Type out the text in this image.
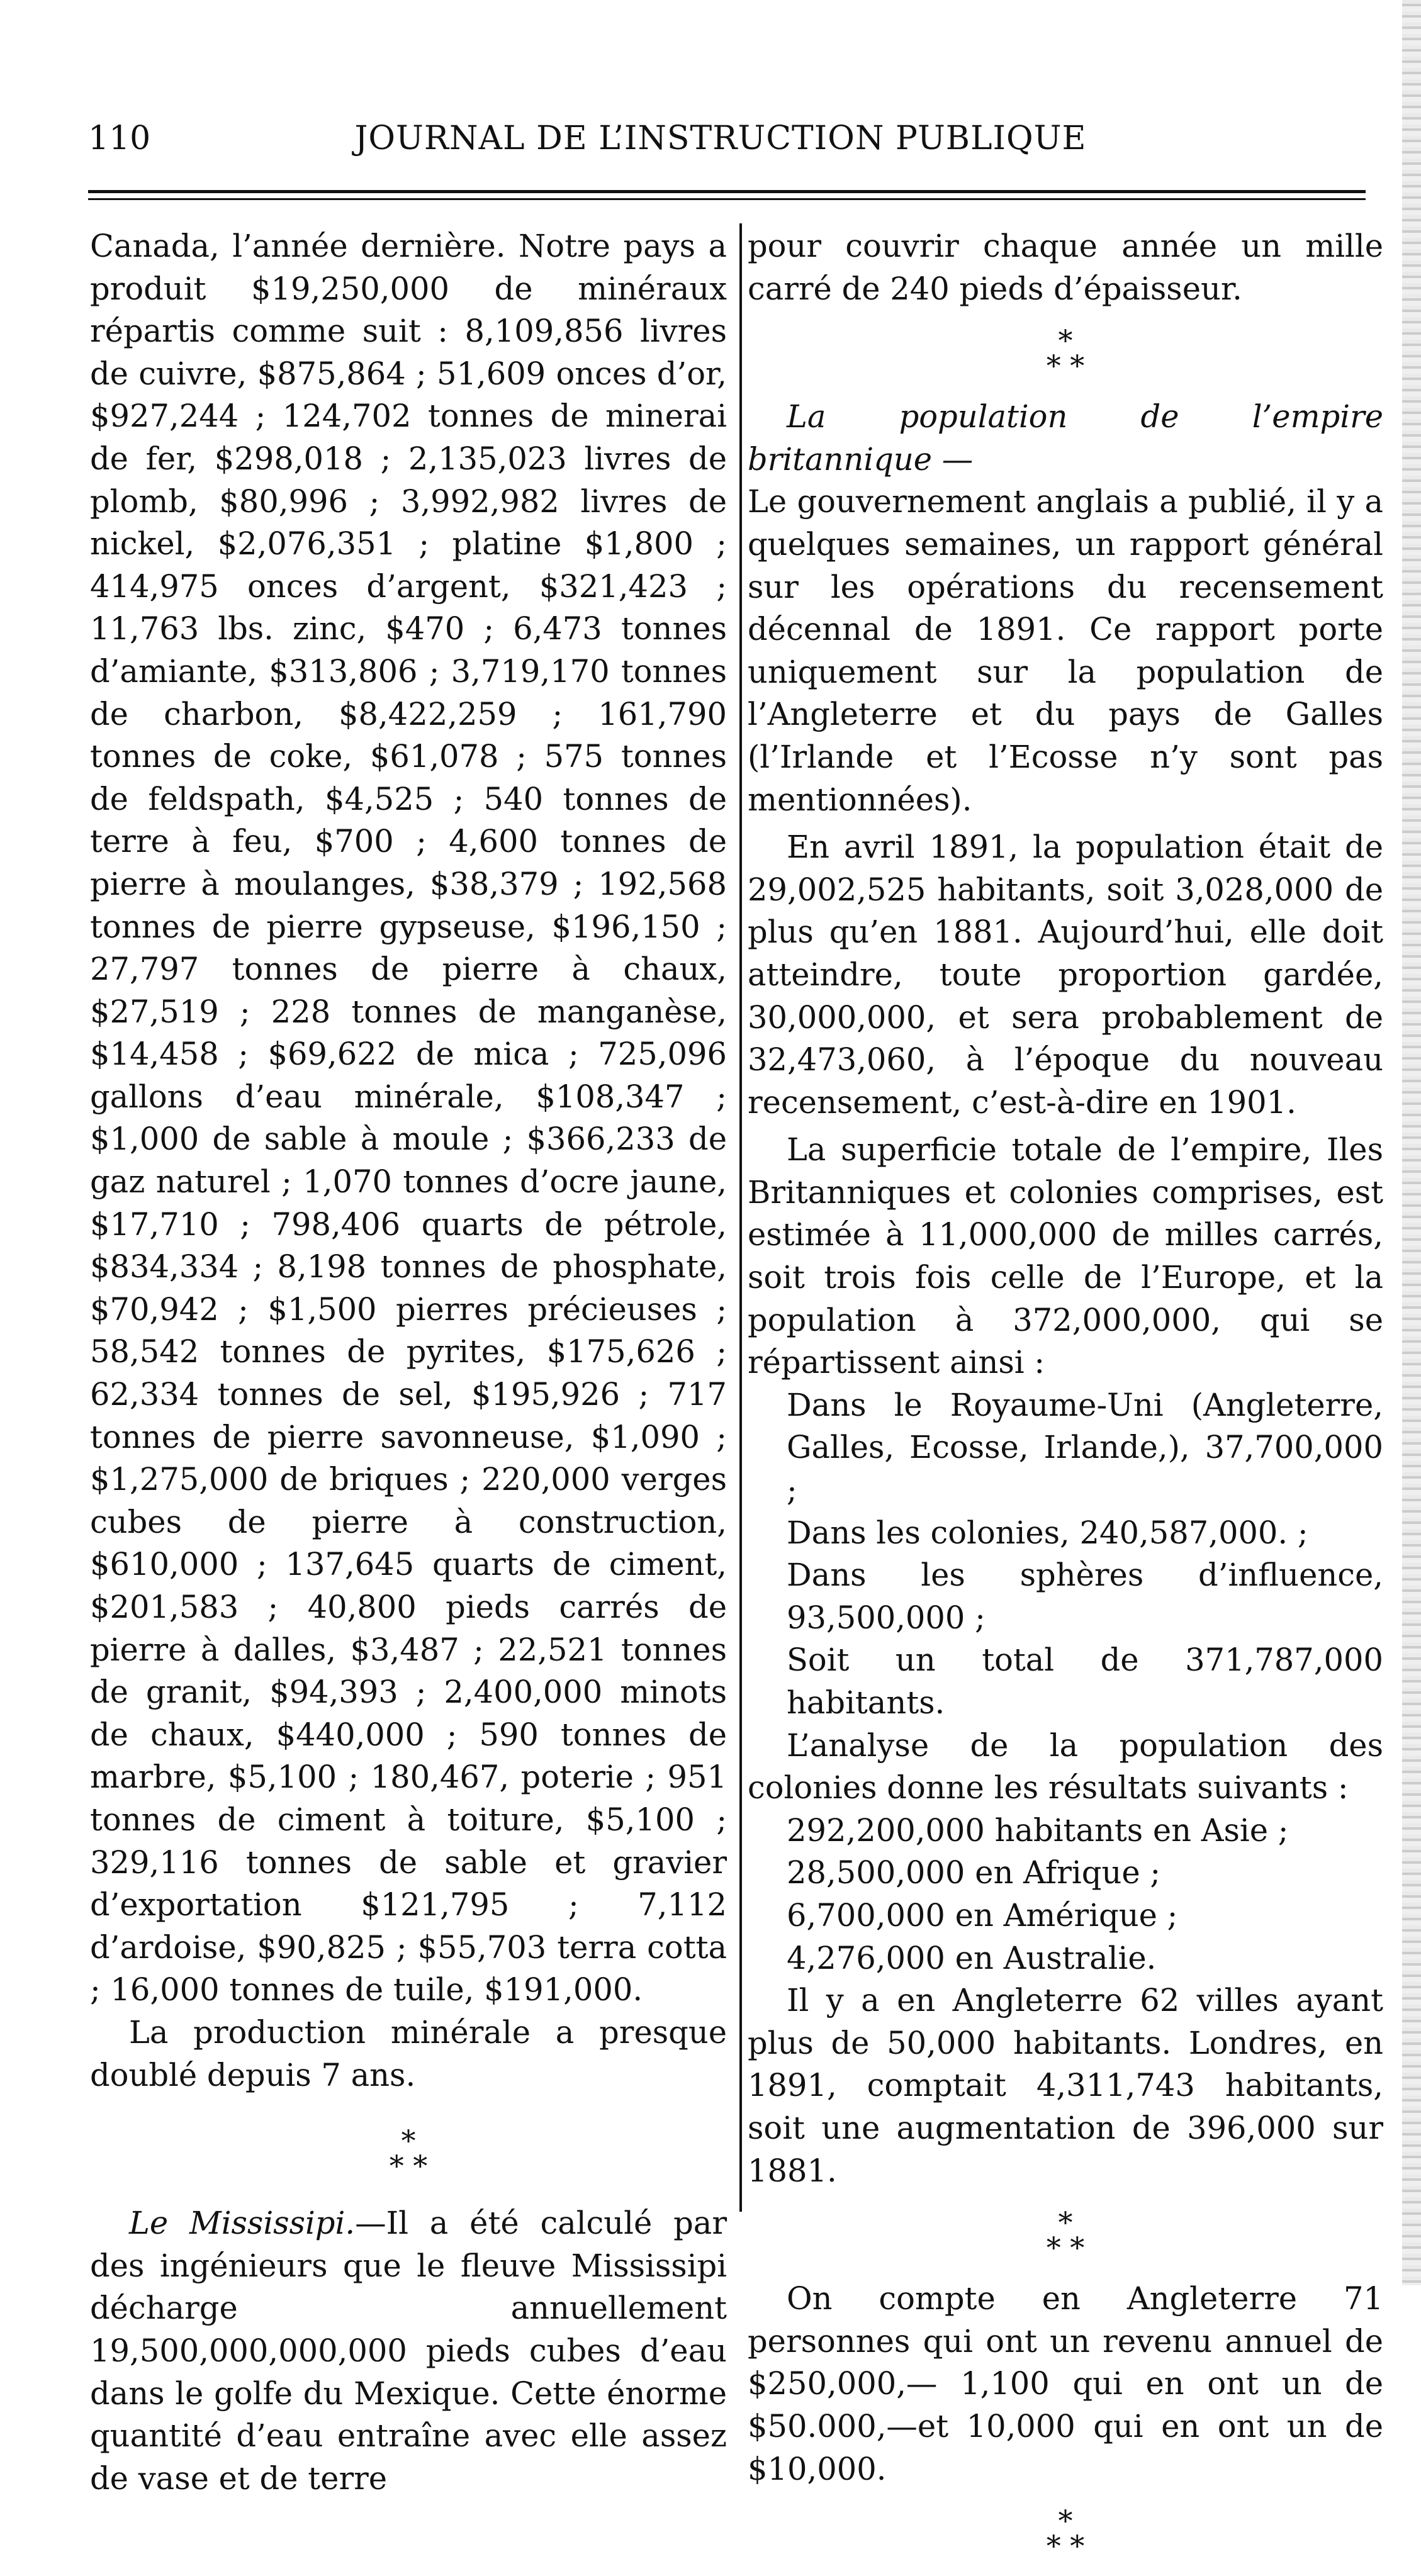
110	JOURNAL DE L’INSTRUCTION PUBLIQUE

Canada, l’année dernière. Notre pays a produit $19,250,000 de minéraux répartis comme suit : 8,109,856 livres de cuivre, $875,864 ; 51,609 onces d’or, $927,244 ; 124,702 tonnes de minerai de fer, $298,018 ; 2,135,023 livres de plomb, $80,996 ; 3,992,982 livres de nickel, $2,076,351 ; platine $1,800 ; 414,975 onces d’argent, $321,423 ; 11,763 lbs. zinc, $470 ; 6,473 tonnes d’amiante, $313,806 ; 3,719,170 tonnes de charbon, $8,422,259 ; 161,790 tonnes de coke, $61,078 ; 575 tonnes de feldspath, $4,525 ; 540 tonnes de terre à feu, $700 ; 4,600 tonnes de pierre à moulanges, $38,379 ; 192,568 tonnes de pierre gypseuse, $196,150 ; 27,797 tonnes de pierre à chaux, $27,519 ; 228 tonnes de manganèse, $14,458 ; $69,622 de mica ; 725,096 gallons d’eau minérale, $108,347 ; $1,000 de sable à moule ; $366,233 de gaz naturel ; 1,070 tonnes d’ocre jaune, $17,710 ; 798,406 quarts de pétrole, $834,334 ; 8,198 tonnes de phosphate, $70,942 ; $1,500 pierres précieuses ; 58,542 tonnes de pyrites, $175,626 ; 62,334 tonnes de sel, $195,926 ; 717 tonnes de pierre savonneuse, $1,090 ; $1,275,000 de briques ; 220,000 verges cubes de pierre à construction, $610,000 ; 137,645 quarts de ciment, $201,583 ; 40,800 pieds carrés de pierre à dalles, $3,487 ; 22,521 tonnes de granit, $94,393 ; 2,400,000 minots de chaux, $440,000 ; 590 tonnes de marbre, $5,100 ; 180,467, poterie ; 951 tonnes de ciment à toiture, $5,100 ; 329,116 tonnes de sable et gravier d’exportation $121,795 ; 7,112 d’ardoise, $90,825 ; $55,703 terra cotta ; 16,000 tonnes de tuile, $191,000.

La production minérale a presque doublé depuis 7 ans.

*
* *

Le Mississipi.—Il a été calculé par des ingénieurs que le fleuve Mississipi décharge annuellement 19,500,000,000,000 pieds cubes d’eau dans le golfe du Mexique. Cette énorme quantité d’eau entraîne avec elle assez de vase et de terre

pour couvrir chaque année un mille carré de 240 pieds d’épaisseur.

*
* *

La population de l’empire britannique —

Le gouvernement anglais a publié, il y a quelques semaines, un rapport général sur les opérations du recensement décennal de 1891. Ce rapport porte uniquement sur la population de l’Angleterre et du pays de Galles (l’Irlande et l’Ecosse n’y sont pas mentionnées).

En avril 1891, la population était de 29,002,525 habitants, soit 3,028,000 de plus qu’en 1881. Aujourd’hui, elle doit atteindre, toute proportion gardée, 30,000,000, et sera probablement de 32,473,060, à l’époque du nouveau recensement, c’est-à-dire en 1901.

La superficie totale de l’empire, Iles Britanniques et colonies comprises, est estimée à 11,000,000 de milles carrés, soit trois fois celle de l’Europe, et la population à 372,000,000, qui se répartissent ainsi :

Dans le Royaume-Uni (Angleterre, Galles, Ecosse, Irlande,), 37,700,000 ;

Dans les colonies, 240,587,000. ;

Dans les sphères d’influence, 93,500,000 ;

Soit un total de 371,787,000 habitants.

L’analyse de la population des colonies donne les résultats suivants :

292,200,000 habitants en Asie ;

28,500,000 en Afrique ;

6,700,000 en Amérique ;

4,276,000 en Australie.

Il y a en Angleterre 62 villes ayant plus de 50,000 habitants. Londres, en 1891, comptait 4,311,743 habitants, soit une augmentation de 396,000 sur 1881.

*
* *

On compte en Angleterre 71 personnes qui ont un revenu annuel de $250,000,— 1,100 qui en ont un de $50.000,—et 10,000 qui en ont un de $10,000.

*
* *
